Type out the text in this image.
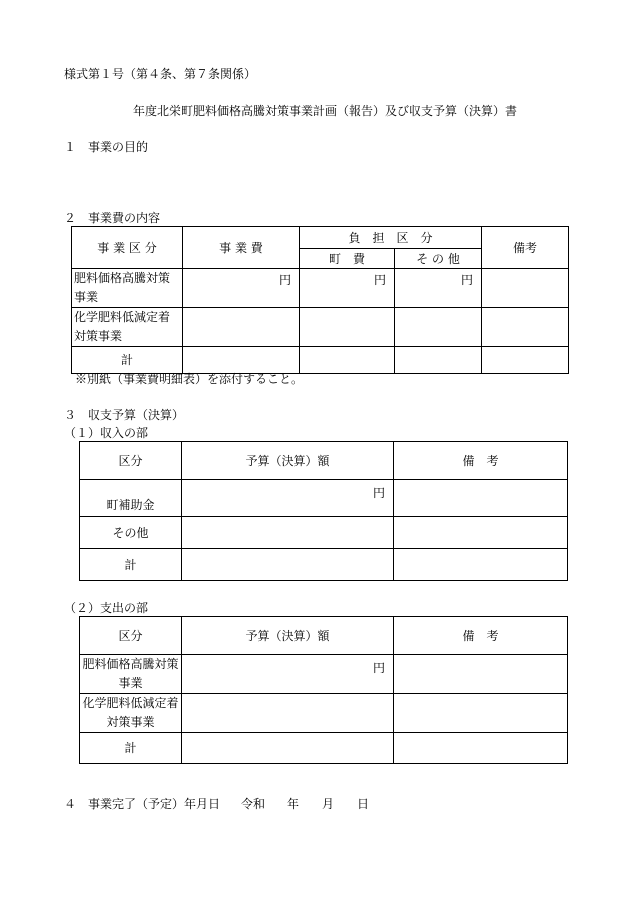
様式第１号（第４条、第７条関係）
年度北栄町肥料価格高騰対策事業計画（報告）及び収支予算（決算）書
１　事業の目的
２　事業費の内容
事 業 区 分	事 業 費	負　担　区　分		備考
		町　費	そ の 他	
肥料価格高騰対策事業	円	円	円	
化学肥料低減定着対策事業				
計				
※別紙（事業費明細表）を添付すること。
３　収支予算（決算）
（１）収入の部
区分	予算（決算）額	備　考
町補助金	円	
その他		
計		
（２）支出の部
区分	予算（決算）額	備　考
肥料価格高騰対策事業	円	
化学肥料低減定着対策事業		
計		
４　事業完了（予定）年月日 令和 年 月 日
